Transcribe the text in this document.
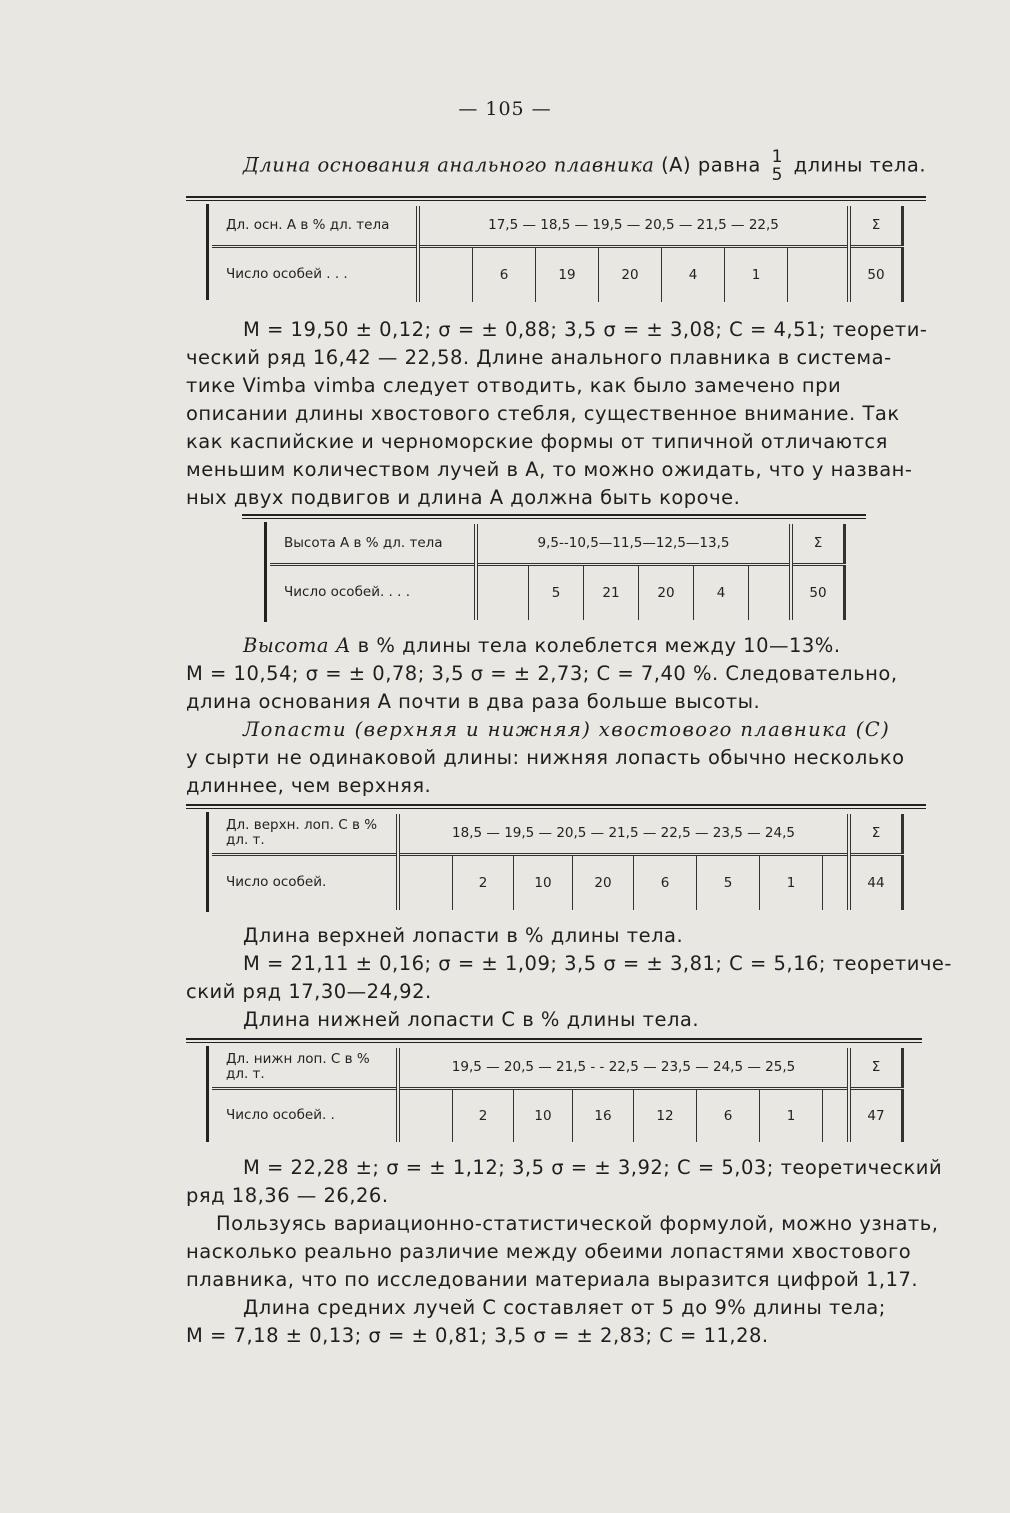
— 105 —
Длина основания анального плавника (А) равна 1
5 длины тела.
Дл. осн. А в % дл. тела	17,5 — 18,5 — 19,5 — 20,5 — 21,5 — 22,5							Σ
Число особей . . .		6	19	20	4	1		50
M = 19,50 ± 0,12; σ = ± 0,88; 3,5 σ = ± 3,08; C = 4,51; теорети-
ческий ряд 16,42 — 22,58. Длине анального плавника в система-
тике Vimba vimba следует отводить, как было замечено при
описании длины хвостового стебля, существенное внимание. Так
как каспийские и черноморские формы от типичной отличаются
меньшим количеством лучей в А, то можно ожидать, что у назван-
ных двух подвигов и длина А должна быть короче.
Высота А в % дл. тела	9,5--10,5—11,5—12,5—13,5						Σ
Число особей. . . .		5	21	20	4		50
Высота А в % длины тела колеблется между 10—13%.
M = 10,54; σ = ± 0,78; 3,5 σ = ± 2,73; C = 7,40 %. Следовательно,
длина основания А почти в два раза больше высоты.
Лопасти (верхняя и нижняя) хвостового плавника (С)
у сырти не одинаковой длины: нижняя лопасть обычно несколько
длиннее, чем верхняя.
Дл. верхн. лоп. С в % дл. т.	18,5 — 19,5 — 20,5 — 21,5 — 22,5 — 23,5 — 24,5								Σ
Число особей.		2	10	20	6	5	1		44
Длина верхней лопасти в % длины тела.
M = 21,11 ± 0,16; σ = ± 1,09; 3,5 σ = ± 3,81; C = 5,16; теоретиче-
ский ряд 17,30—24,92.
Длина нижней лопасти С в % длины тела.
Дл. нижн лоп. С в % дл. т.	19,5 — 20,5 — 21,5 - - 22,5 — 23,5 — 24,5 — 25,5								Σ
Число особей. .		2	10	16	12	6	1		47
M = 22,28 ±; σ = ± 1,12; 3,5 σ = ± 3,92; C = 5,03; теоретический
ряд 18,36 — 26,26.
Пользуясь вариационно-статистической формулой, можно узнать,
насколько реально различие между обеими лопастями хвостового
плавника, что по исследовании материала выразится цифрой 1,17.
Длина средних лучей С составляет от 5 до 9% длины тела;
M = 7,18 ± 0,13; σ = ± 0,81; 3,5 σ = ± 2,83; C = 11,28.
